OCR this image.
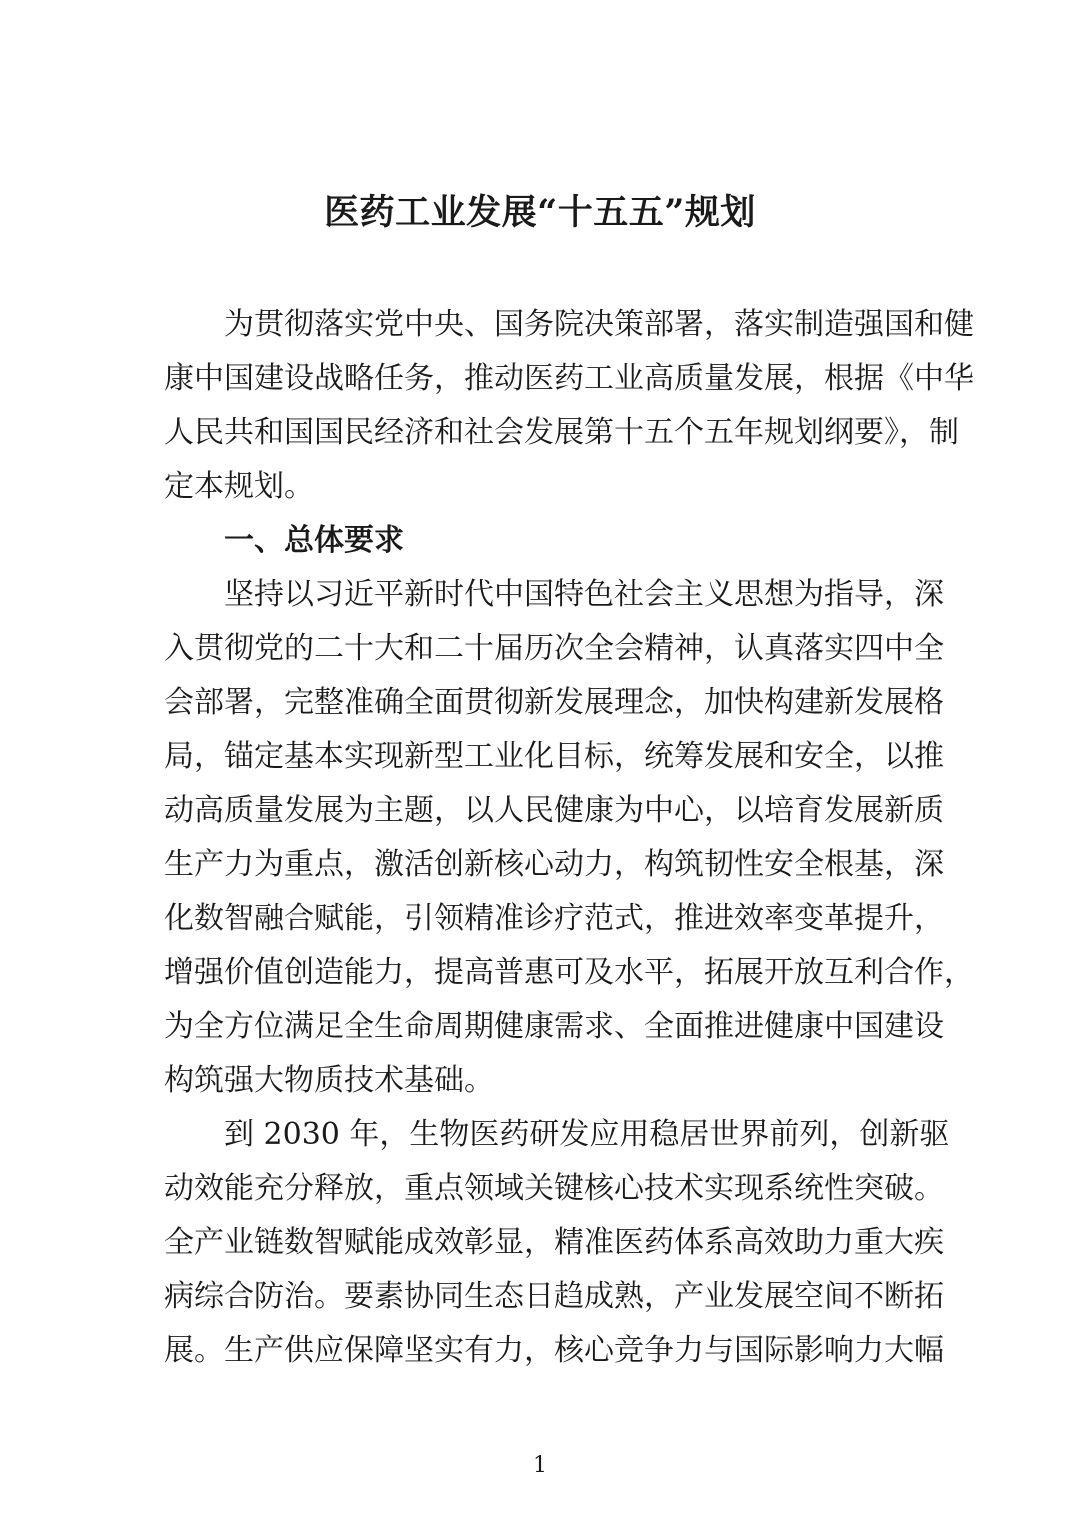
医药工业发展“十五五”规划
为贯彻落实党中央、国务院决策部署，落实制造强国和健
康中国建设战略任务，推动医药工业高质量发展，根据《中华
人民共和国国民经济和社会发展第十五个五年规划纲要》，制
定本规划。
一、总体要求
坚持以习近平新时代中国特色社会主义思想为指导，深
入贯彻党的二十大和二十届历次全会精神，认真落实四中全
会部署，完整准确全面贯彻新发展理念，加快构建新发展格
局，锚定基本实现新型工业化目标，统筹发展和安全，以推
动高质量发展为主题，以人民健康为中心，以培育发展新质
生产力为重点，激活创新核心动力，构筑韧性安全根基，深
化数智融合赋能，引领精准诊疗范式，推进效率变革提升，
增强价值创造能力，提高普惠可及水平，拓展开放互利合作，
为全方位满足全生命周期健康需求、全面推进健康中国建设
构筑强大物质技术基础。
到 2030 年，生物医药研发应用稳居世界前列，创新驱
动效能充分释放，重点领域关键核心技术实现系统性突破。
全产业链数智赋能成效彰显，精准医药体系高效助力重大疾
病综合防治。要素协同生态日趋成熟，产业发展空间不断拓
展。生产供应保障坚实有力，核心竞争力与国际影响力大幅
1
